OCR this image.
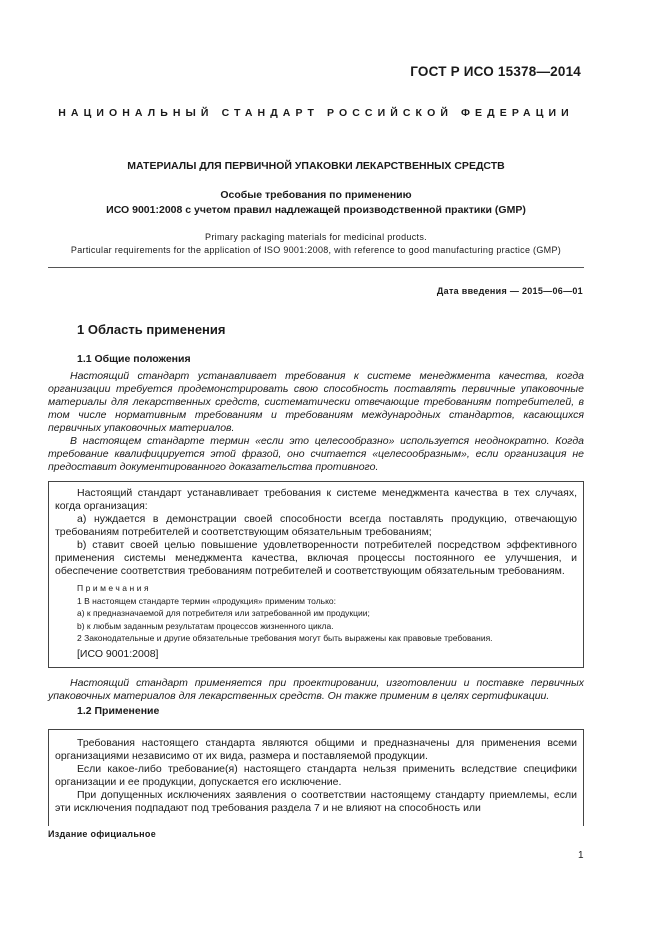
ГОСТ Р ИСО 15378—2014
НАЦИОНАЛЬНЫЙ СТАНДАРТ РОССИЙСКОЙ ФЕДЕРАЦИИ
МАТЕРИАЛЫ ДЛЯ ПЕРВИЧНОЙ УПАКОВКИ ЛЕКАРСТВЕННЫХ СРЕДСТВ
Особые требования по применению
ИСО 9001:2008 с учетом правил надлежащей производственной практики (GMP)
Primary packaging materials for medicinal products.
Particular requirements for the application of ISO 9001:2008, with reference to good manufacturing practice (GMP)
Дата введения — 2015—06—01
1 Область применения
1.1 Общие положения
Настоящий стандарт устанавливает требования к системе менеджмента качества, когда организации требуется продемонстрировать свою способность поставлять первичные упаковочные материалы для лекарственных средств, систематически отвечающие требованиям потребителей, в том числе нормативным требованиям и требованиям международных стандартов, касающихся первичных упаковочных материалов.
В настоящем стандарте термин «если это целесообразно» используется неоднократно. Когда требование квалифицируется этой фразой, оно считается «целесообразным», если организация не предоставит документированного доказательства противного.
Настоящий стандарт устанавливает требования к системе менеджмента качества в тех случаях, когда организация:
а) нуждается в демонстрации своей способности всегда поставлять продукцию, отвечающую требованиям потребителей и соответствующим обязательным требованиям;
b) ставит своей целью повышение удовлетворенности потребителей посредством эффективного применения системы менеджмента качества, включая процессы постоянного ее улучшения, и обеспечение соответствия требованиям потребителей и соответствующим обязательным требованиям.
Примечания
1 В настоящем стандарте термин «продукция» применим только:
а) к предназначаемой для потребителя или затребованной им продукции;
b) к любым заданным результатам процессов жизненного цикла.
2 Законодательные и другие обязательные требования могут быть выражены как правовые требования.
[ИСО 9001:2008]
Настоящий стандарт применяется при проектировании, изготовлении и поставке первичных упаковочных материалов для лекарственных средств. Он также применим в целях сертификации.
1.2 Применение
Требования настоящего стандарта являются общими и предназначены для применения всеми организациями независимо от их вида, размера и поставляемой продукции.
Если какое-либо требование(я) настоящего стандарта нельзя применить вследствие специфики организации и ее продукции, допускается его исключение.
При допущенных исключениях заявления о соответствии настоящему стандарту приемлемы, если эти исключения подпадают под требования раздела 7 и не влияют на способность или
Издание официальное
1
